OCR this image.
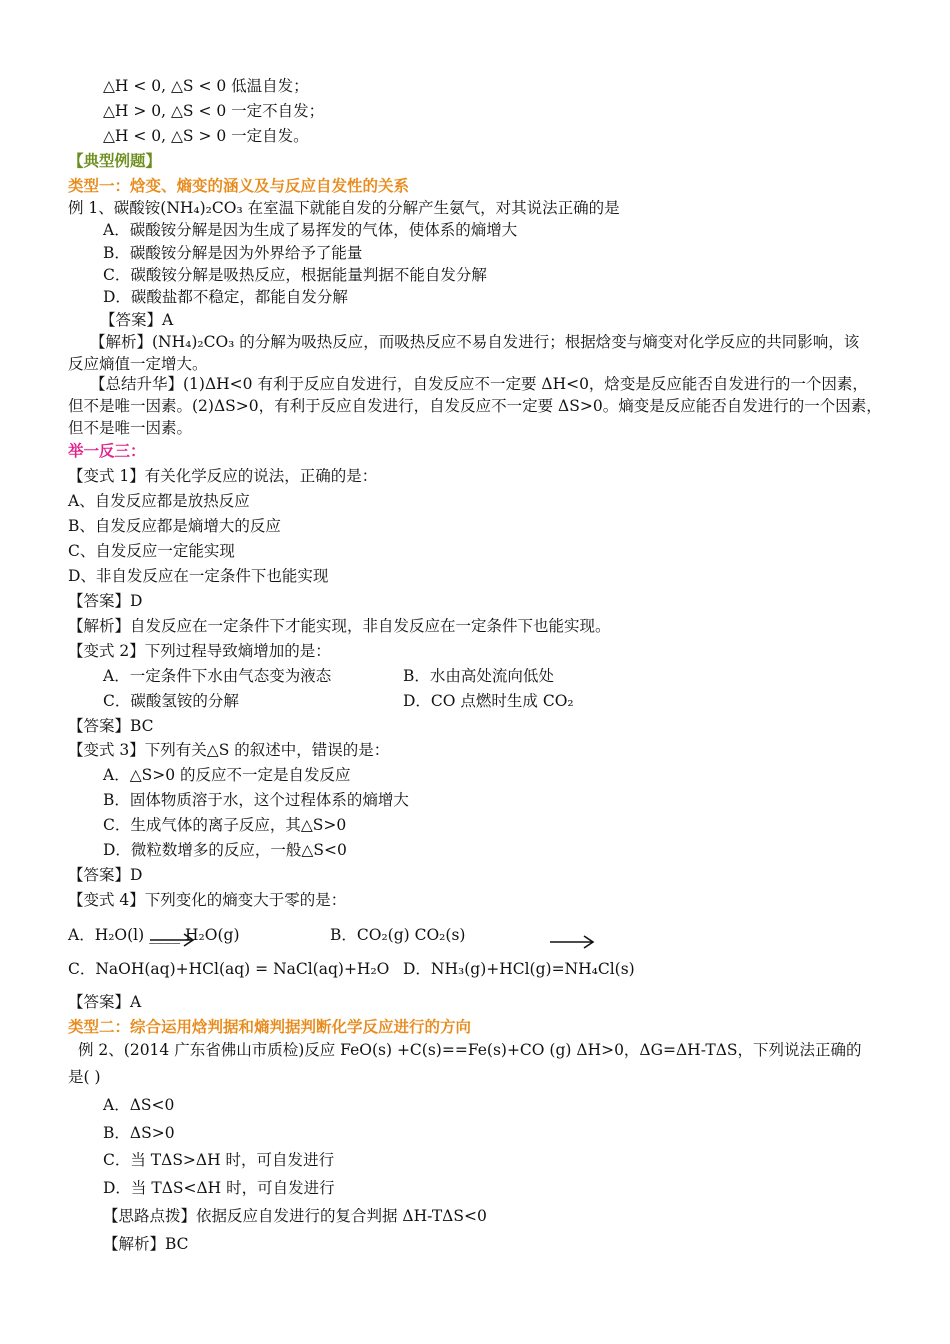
△H < 0, △S < 0 低温自发；
△H > 0, △S < 0 一定不自发；
△H < 0, △S > 0 一定自发。
【典型例题】
类型一：焓变、熵变的涵义及与反应自发性的关系
例 1、碳酸铵(NH₄)₂CO₃ 在室温下就能自发的分解产生氨气，对其说法正确的是
A．碳酸铵分解是因为生成了易挥发的气体，使体系的熵增大
B．碳酸铵分解是因为外界给予了能量
C．碳酸铵分解是吸热反应，根据能量判据不能自发分解
D．碳酸盐都不稳定，都能自发分解
【答案】A
【解析】(NH₄)₂CO₃ 的分解为吸热反应，而吸热反应不易自发进行；根据焓变与熵变对化学反应的共同影响，该
反应熵值一定增大。
【总结升华】(1)ΔH<0 有利于反应自发进行，自发反应不一定要 ΔH<0，焓变是反应能否自发进行的一个因素，
但不是唯一因素。(2)ΔS>0，有利于反应自发进行，自发反应不一定要 ΔS>0。熵变是反应能否自发进行的一个因素，
但不是唯一因素。
举一反三：
【变式 1】有关化学反应的说法，正确的是：
A、自发反应都是放热反应
B、自发反应都是熵增大的反应
C、自发反应一定能实现
D、非自发反应在一定条件下也能实现
【答案】D
【解析】自发反应在一定条件下才能实现，非自发反应在一定条件下也能实现。
【变式 2】下列过程导致熵增加的是：
A．一定条件下水由气态变为液态	B．水由高处流向低处
C．碳酸氢铵的分解	D．CO 点燃时生成 CO₂
【答案】BC
【变式 3】下列有关△S 的叙述中，错误的是：
A．△S>0 的反应不一定是自发反应
B．固体物质溶于水，这个过程体系的熵增大
C．生成气体的离子反应，其△S>0
D．微粒数增多的反应，一般△S<0
【答案】D
【变式 4】下列变化的熵变大于零的是：
A．H₂O(l) ____ H₂O(g)	B．CO₂(g) CO₂(s)
C．NaOH(aq)+HCl(aq) = NaCl(aq)+H₂O D．NH₃(g)+HCl(g)=NH₄Cl(s)
【答案】A
类型二：综合运用焓判据和熵判据判断化学反应进行的方向
例 2、(2014 广东省佛山市质检)反应 FeO(s) +C(s)==Fe(s)+CO (g) ΔH>0，ΔG=ΔH-TΔS，下列说法正确的
是( )
A．ΔS<0
B．ΔS>0
C．当 TΔS>ΔH 时，可自发进行
D．当 TΔS<ΔH 时，可自发进行
【思路点拨】依据反应自发进行的复合判据 ΔH-TΔS<0
【解析】BC
